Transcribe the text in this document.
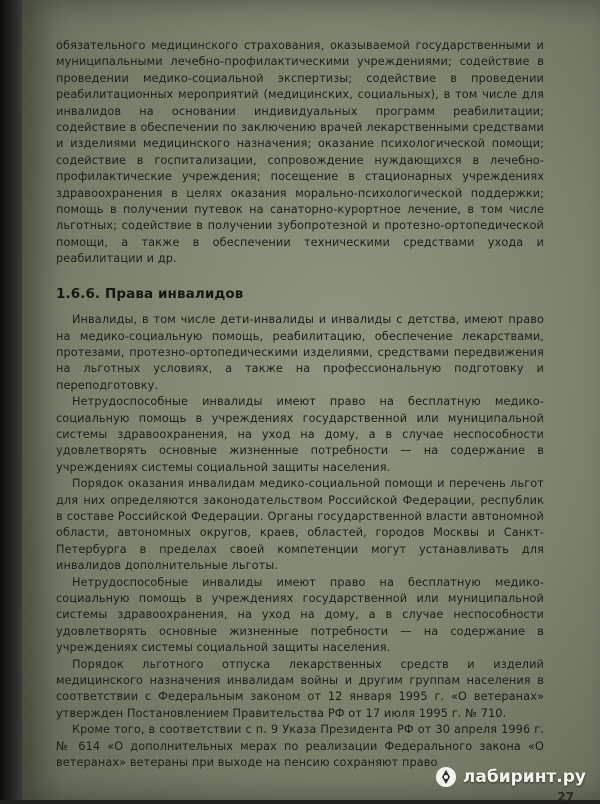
обязательного медицинского страхования, оказываемой государственными и муниципальными лечебно-профилактическими учреждениями; содействие в проведении медико-социальной экспертизы; содействие в проведении реабилитационных мероприятий (медицинских, социальных), в том числе для инвалидов на основании индивидуальных программ реабилитации; содействие в обеспечении по заключению врачей лекарственными средствами и изделиями медицинского назначения; оказание психологической помощи; содействие в госпитализации, сопровождение нуждающихся в лечебно-профилактические учреждения; посещение в стационарных учреждениях здравоохранения в целях оказания морально-психологической поддержки; помощь в получении путевок на санаторно-курортное лечение, в том числе льготных; содействие в получении зубопротезной и протезно-ортопедической помощи, а также в обеспечении техническими средствами ухода и реабилитации и др.

1.6.6. Права инвалидов

Инвалиды, в том числе дети-инвалиды и инвалиды с детства, имеют право на медико-социальную помощь, реабилитацию, обеспечение лекарствами, протезами, протезно-ортопедическими изделиями, средствами передвижения на льготных условиях, а также на профессиональную подготовку и переподготовку.

Нетрудоспособные инвалиды имеют право на бесплатную медико-социальную помощь в учреждениях государственной или муниципальной системы здравоохранения, на уход на дому, а в случае неспособности удовлетворять основные жизненные потребности — на содержание в учреждениях системы социальной защиты населения.

Порядок оказания инвалидам медико-социальной помощи и перечень льгот для них определяются законодательством Российской Федерации, республик в составе Российской Федерации. Органы государственной власти автономной области, автономных округов, краев, областей, городов Москвы и Санкт-Петербурга в пределах своей компетенции могут устанавливать для инвалидов дополнительные льготы.

Нетрудоспособные инвалиды имеют право на бесплатную медико-социальную помощь в учреждениях государственной или муниципальной системы здравоохранения, на уход на дому, а в случае неспособности удовлетворять основные жизненные потребности — на содержание в учреждениях системы социальной защиты населения.

Порядок льготного отпуска лекарственных средств и изделий медицинского назначения инвалидам войны и другим группам населения в соответствии с Федеральным законом от 12 января 1995 г. «О ветеранах» утвержден Постановлением Правительства РФ от 17 июля 1995 г. № 710.

Кроме того, в соответствии с п. 9 Указа Президента РФ от 30 апреля 1996 г. № 614 «О дополнительных мерах по реализации Федерального закона «О ветеранах» ветераны при выходе на пенсию сохраняют право

27
лабиринт.ру
